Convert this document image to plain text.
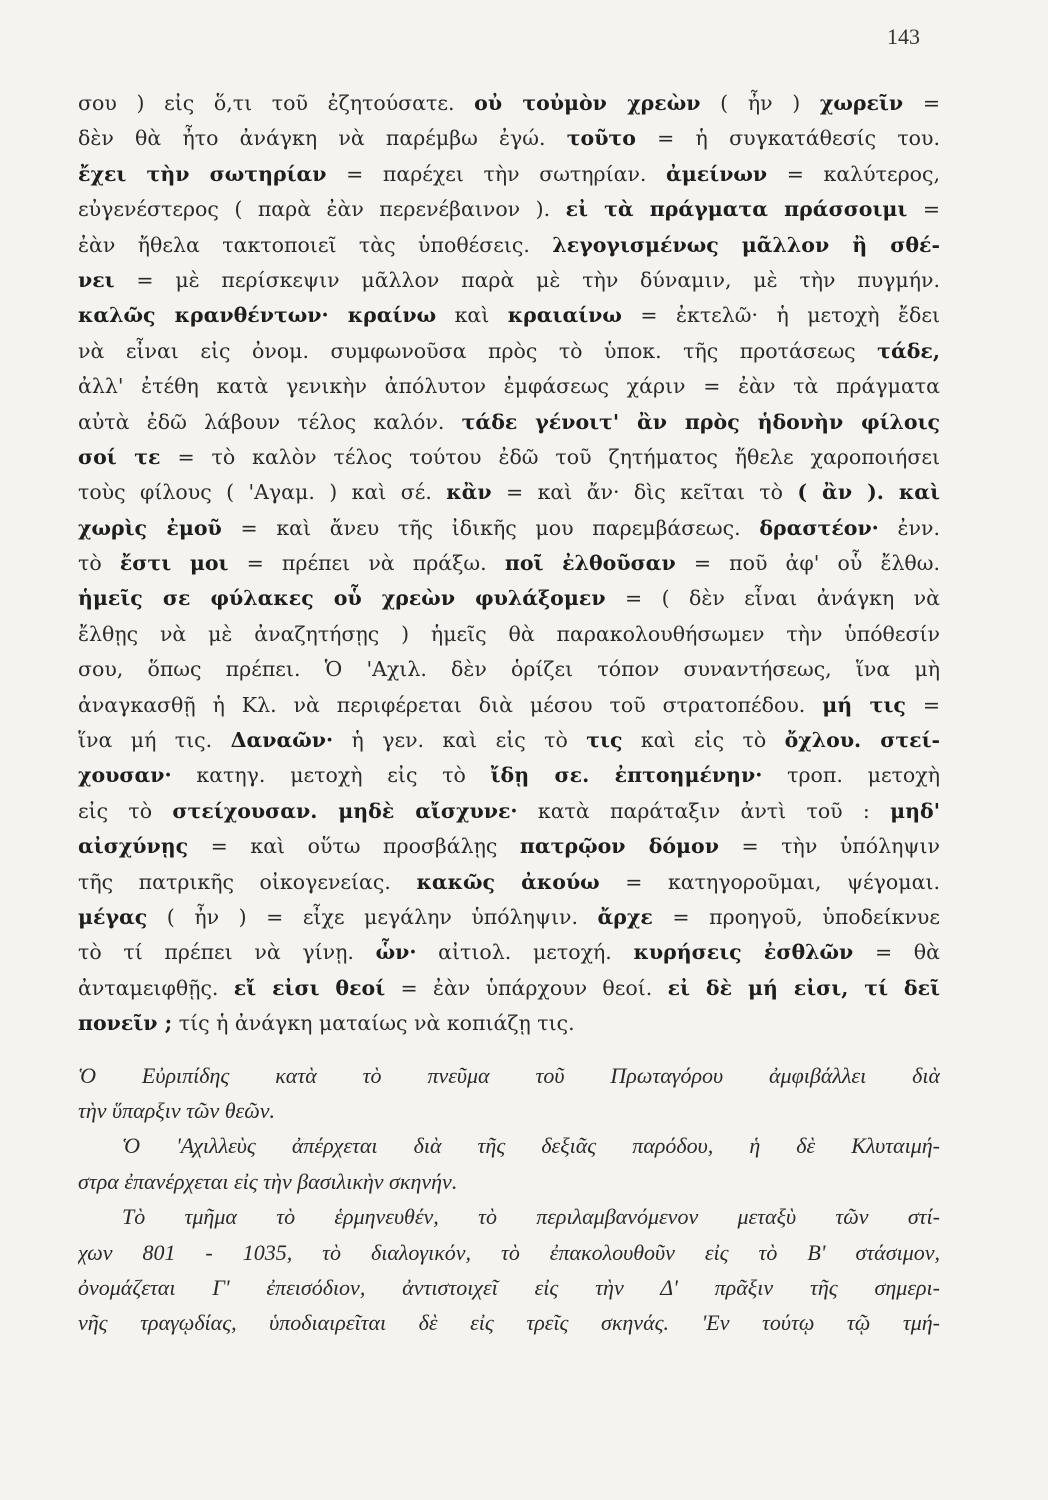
143
σου ) εἰς ὅ,τι τοῦ ἐζητούσατε. οὐ τοὐμὸν χρεὼν ( ἦν ) χωρεῖν =
δὲν θὰ ἦτο ἀνάγκη νὰ παρέμβω ἐγώ. τοῦτο = ἡ συγκατάθεσίς του.
ἔχει τὴν σωτηρίαν = παρέχει τὴν σωτηρίαν. ἀμείνων = καλύτερος,
εὐγενέστερος ( παρὰ ἐὰν περενέβαινον ). εἰ τὰ πράγματα πράσσοιμι =
ἐὰν ἤθελα τακτοποιεῖ τὰς ὑποθέσεις. λεγογισμένως μᾶλλον ἢ σθέ-
νει = μὲ περίσκεψιν μᾶλλον παρὰ μὲ τὴν δύναμιν, μὲ τὴν πυγμήν.
καλῶς κρανθέντων· κραίνω καὶ κραιαίνω = ἐκτελῶ· ἡ μετοχὴ ἔδει
νὰ εἶναι εἰς ὀνομ. συμφωνοῦσα πρὸς τὸ ὑποκ. τῆς προτάσεως τάδε,
ἀλλ' ἐτέθη κατὰ γενικὴν ἀπόλυτον ἐμφάσεως χάριν = ἐὰν τὰ πράγματα
αὐτὰ ἐδῶ λάβουν τέλος καλόν. τάδε γένοιτ' ἂν πρὸς ἡδονὴν φίλοις
σοί τε = τὸ καλὸν τέλος τούτου ἐδῶ τοῦ ζητήματος ἤθελε χαροποιήσει
τοὺς φίλους ( 'Αγαμ. ) καὶ σέ. κἂν = καὶ ἄν· δὶς κεῖται τὸ ( ἂν ). καὶ
χωρὶς ἐμοῦ = καὶ ἄνευ τῆς ἰδικῆς μου παρεμβάσεως. δραστέον· ἐνν.
τὸ ἔστι μοι = πρέπει νὰ πράξω. ποῖ ἐλθοῦσαν = ποῦ ἀφ' οὗ ἔλθω.
ἡμεῖς σε φύλακες οὗ χρεὼν φυλάξομεν = ( δὲν εἶναι ἀνάγκη νὰ
ἔλθῃς νὰ μὲ ἀναζητήσῃς ) ἡμεῖς θὰ παρακολουθήσωμεν τὴν ὑπόθεσίν
σου, ὅπως πρέπει. Ὁ 'Αχιλ. δὲν ὁρίζει τόπον συναντήσεως, ἵνα μὴ
ἀναγκασθῇ ἡ Κλ. νὰ περιφέρεται διὰ μέσου τοῦ στρατοπέδου. μή τις =
ἵνα μή τις. Δαναῶν· ἡ γεν. καὶ εἰς τὸ τις καὶ εἰς τὸ ὄχλου. στεί-
χουσαν· κατηγ. μετοχὴ εἰς τὸ ἴδῃ σε. ἐπτοημένην· τροπ. μετοχὴ
εἰς τὸ στείχουσαν. μηδὲ αἴσχυνε· κατὰ παράταξιν ἀντὶ τοῦ : μηδ'
αἰσχύνῃς = καὶ οὕτω προσβάλῃς πατρῷον δόμον = τὴν ὑπόληψιν
τῆς πατρικῆς οἰκογενείας. κακῶς ἀκούω = κατηγοροῦμαι, ψέγομαι.
μέγας ( ἦν ) = εἶχε μεγάλην ὑπόληψιν. ἄρχε = προηγοῦ, ὑποδείκνυε
τὸ τί πρέπει νὰ γίνῃ. ὧν· αἰτιολ. μετοχή. κυρήσεις ἐσθλῶν = θὰ
ἀνταμειφθῇς. εἴ εἰσι θεοί = ἐὰν ὑπάρχουν θεοί. εἰ δὲ μή εἰσι, τί δεῖ
πονεῖν ; τίς ἡ ἀνάγκη ματαίως νὰ κοπιάζῃ τις.
Ὁ Εὐριπίδης κατὰ τὸ πνεῦμα τοῦ Πρωταγόρου ἀμφιβάλλει διὰ
τὴν ὕπαρξιν τῶν θεῶν.
Ὁ 'Αχιλλεὺς ἀπέρχεται διὰ τῆς δεξιᾶς παρόδου, ἡ δὲ Κλυταιμή-
στρα ἐπανέρχεται εἰς τὴν βασιλικὴν σκηνήν.
Τὸ τμῆμα τὸ ἑρμηνευθέν, τὸ περιλαμβανόμενον μεταξὺ τῶν στί-
χων 801 - 1035, τὸ διαλογικόν, τὸ ἐπακολουθοῦν εἰς τὸ Β' στάσιμον,
ὀνομάζεται Γ' ἐπεισόδιον, ἀντιστοιχεῖ εἰς τὴν Δ' πρᾶξιν τῆς σημερι-
νῆς τραγῳδίας, ὑποδιαιρεῖται δὲ εἰς τρεῖς σκηνάς. 'Εν τούτῳ τῷ τμή-
